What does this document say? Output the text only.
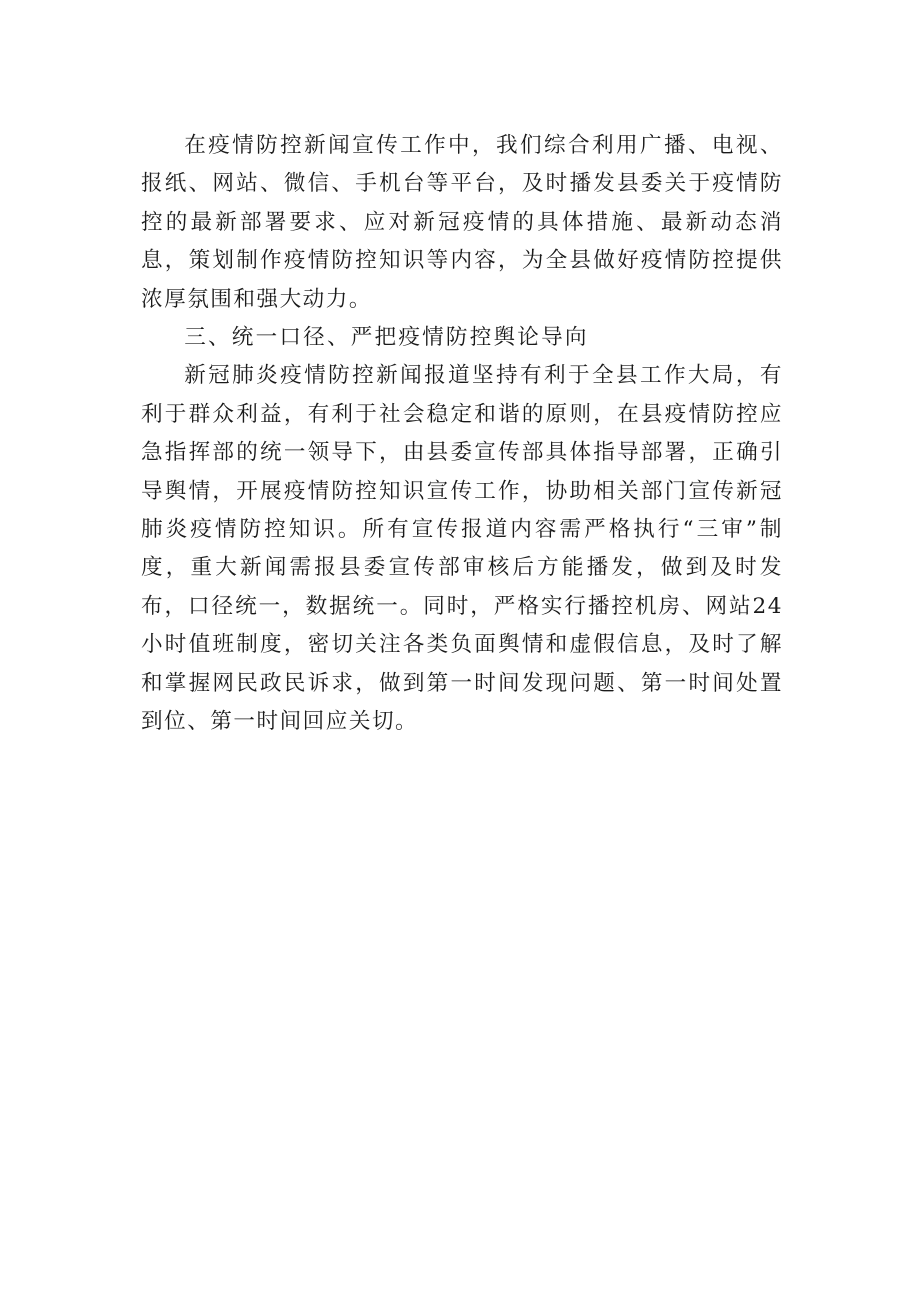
在疫情防控新闻宣传工作中，我们综合利用广播、电视、报纸、网站、微信、手机台等平台，及时播发县委关于疫情防控的最新部署要求、应对新冠疫情的具体措施、最新动态消息，策划制作疫情防控知识等内容，为全县做好疫情防控提供浓厚氛围和强大动力。

三、统一口径、严把疫情防控舆论导向

新冠肺炎疫情防控新闻报道坚持有利于全县工作大局，有利于群众利益，有利于社会稳定和谐的原则，在县疫情防控应急指挥部的统一领导下，由县委宣传部具体指导部署，正确引导舆情，开展疫情防控知识宣传工作，协助相关部门宣传新冠肺炎疫情防控知识。所有宣传报道内容需严格执行“三审”制度，重大新闻需报县委宣传部审核后方能播发，做到及时发布，口径统一，数据统一。同时，严格实行播控机房、网站24小时值班制度，密切关注各类负面舆情和虚假信息，及时了解和掌握网民政民诉求，做到第一时间发现问题、第一时间处置到位、第一时间回应关切。
